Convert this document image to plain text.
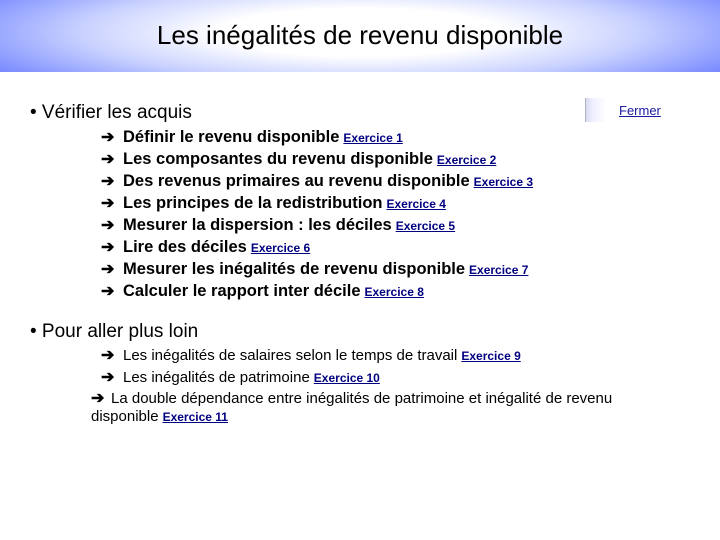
Les inégalités de revenu disponible
• Vérifier les acquis	Fermer
➔ Définir le revenu disponible Exercice 1
➔ Les composantes du revenu disponible Exercice 2
➔ Des revenus primaires au revenu disponible Exercice 3
➔ Les principes de la redistribution Exercice 4
➔ Mesurer la dispersion : les déciles Exercice 5
➔ Lire des déciles Exercice 6
➔ Mesurer les inégalités de revenu disponible Exercice 7
➔ Calculer le rapport inter décile Exercice 8
• Pour aller plus loin
➔ Les inégalités de salaires selon le temps de travail Exercice 9
➔ Les inégalités de patrimoine Exercice 10
➔ La double dépendance entre inégalités de patrimoine et inégalité de revenu disponible Exercice 11
